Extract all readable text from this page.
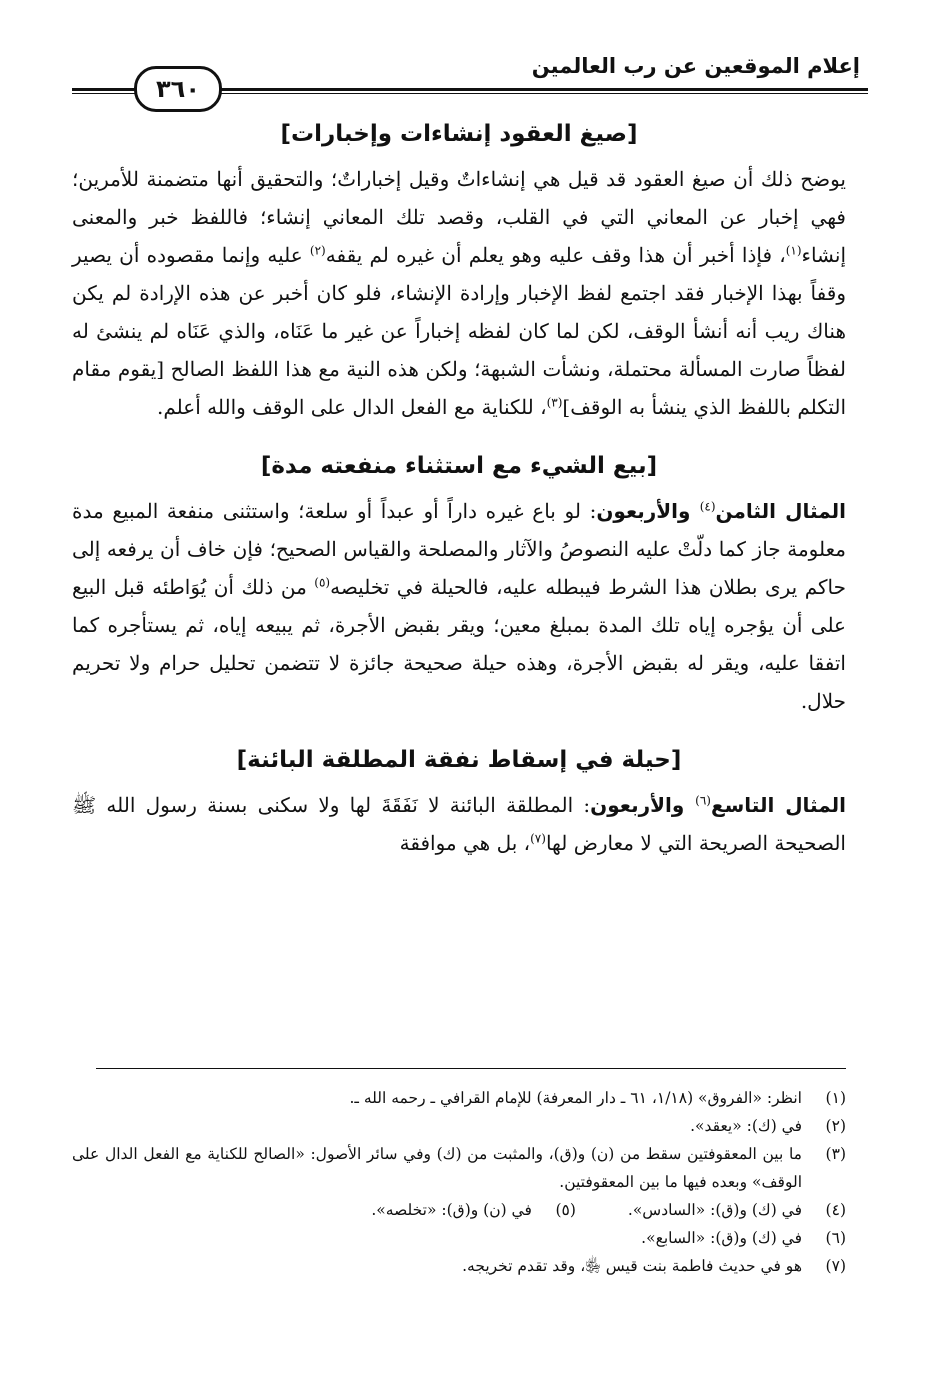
إعلام الموقعين عن رب العالمين
٣٦٠
[صيغ العقود إنشاءات وإخبارات]

يوضح ذلك أن صيغ العقود قد قيل هي إنشاءاتٌ وقيل إخباراتٌ؛ والتحقيق أنها متضمنة للأمرين؛ فهي إخبار عن المعاني التي في القلب، وقصد تلك المعاني إنشاء؛ فاللفظ خبر والمعنى إنشاء$^{(١)}$، فإذا أخبر أن هذا وقف عليه وهو يعلم أن غيره لم يقفه$^{(٢)}$ عليه وإنما مقصوده أن يصير وقفاً بهذا الإخبار فقد اجتمع لفظ الإخبار وإرادة الإنشاء، فلو كان أخبر عن هذه الإرادة لم يكن هناك ريب أنه أنشأ الوقف، لكن لما كان لفظه إخباراً عن غير ما عَنَاه، والذي عَنَاه لم ينشئ له لفظاً صارت المسألة محتملة، ونشأت الشبهة؛ ولكن هذه النية مع هذا اللفظ الصالح [يقوم مقام التكلم باللفظ الذي ينشأ به الوقف]$^{(٣)}$، للكناية مع الفعل الدال على الوقف والله أعلم.

[بيع الشيء مع استثناء منفعته مدة]

المثال الثامن$^{(٤)}$ والأربعون: لو باع غيره داراً أو عبداً أو سلعة؛ واستثنى منفعة المبيع مدة معلومة جاز كما دلّتْ عليه النصوصُ والآثار والمصلحة والقياس الصحيح؛ فإن خاف أن يرفعه إلى حاكم يرى بطلان هذا الشرط فيبطله عليه، فالحيلة في تخليصه$^{(٥)}$ من ذلك أن يُوَاطئه قبل البيع على أن يؤجره إياه تلك المدة بمبلغ معين؛ ويقر بقبض الأجرة، ثم يبيعه إياه، ثم يستأجره كما اتفقا عليه، ويقر له بقبض الأجرة، وهذه حيلة صحيحة جائزة لا تتضمن تحليل حرام ولا تحريم حلال.

[حيلة في إسقاط نفقة المطلقة البائنة]

المثال التاسع$^{(٦)}$ والأربعون: المطلقة البائنة لا نَفَقَةَ لها ولا سكنى بسنة رسول الله ﷺ الصحيحة الصريحة التي لا معارض لها$^{(٧)}$، بل هي موافقة

(١)
انظر: «الفروق» (١/١٨، ٦١ ـ دار المعرفة) للإمام القرافي ـ رحمه الله ـ.
(٢)
في (ك): «يعقد».
(٣)
ما بين المعقوفتين سقط من (ن) و(ق)، والمثبت من (ك) وفي سائر الأصول: «الصالح للكناية مع الفعل الدال على الوقف» وبعده فيها ما بين المعقوفتين.
(٤)
في (ك) و(ق): «السادس».
(٥)
في (ن) و(ق): «تخلصه».
(٦)
في (ك) و(ق): «السابع».
(٧)
هو في حديث فاطمة بنت قيس ﵂، وقد تقدم تخريجه.
